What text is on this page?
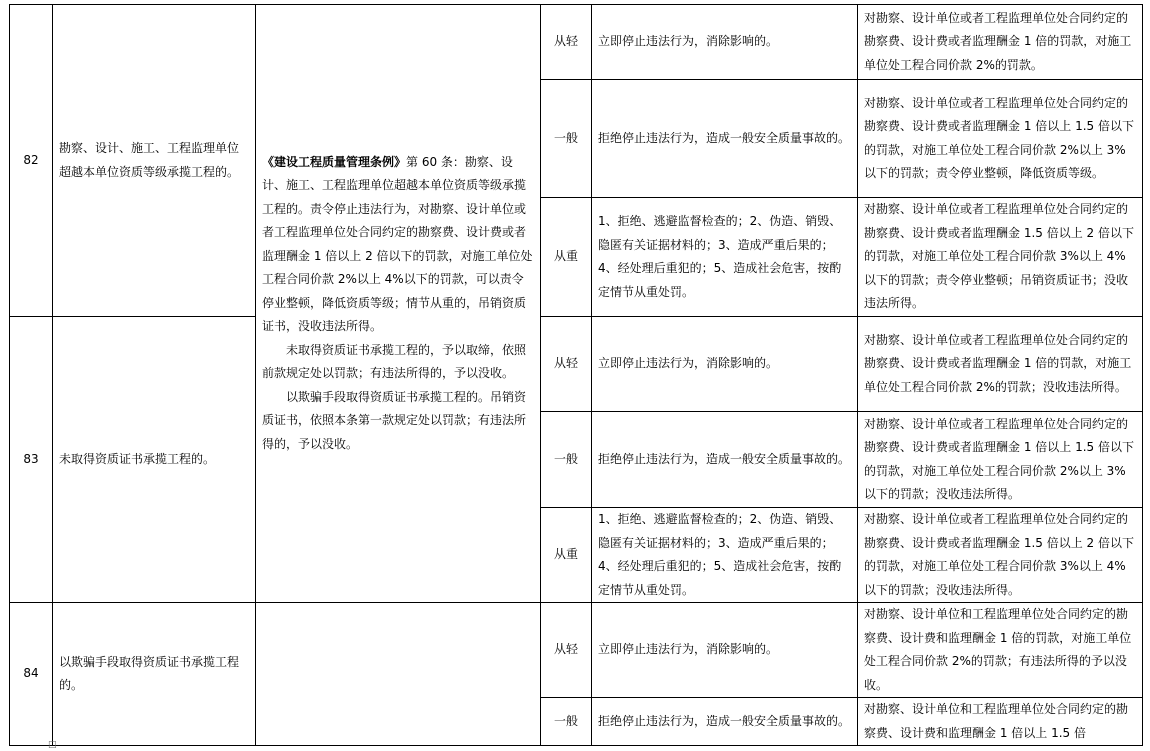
82	勘察、设计、施工、工程监理单位超越本单位资质等级承揽工程的。	《建设工程质量管理条例》第 60 条：勘察、设计、施工、工程监理单位超越本单位资质等级承揽工程的。责令停止违法行为，对勘察、设计单位或者工程监理单位处合同约定的勘察费、设计费或者监理酬金 1 倍以上 2 倍以下的罚款，对施工单位处工程合同价款 2%以上 4%以下的罚款，可以责令停业整顿，降低资质等级；情节从重的，吊销资质证书，没收违法所得。
未取得资质证书承揽工程的，予以取缔，依照前款规定处以罚款；有违法所得的，予以没收。
以欺骗手段取得资质证书承揽工程的。吊销资质证书，依照本条第一款规定处以罚款；有违法所得的，予以没收。	从轻	立即停止违法行为，消除影响的。	对勘察、设计单位或者工程监理单位处合同约定的勘察费、设计费或者监理酬金 1 倍的罚款，对施工单位处工程合同价款 2%的罚款。
			一般	拒绝停止违法行为，造成一般安全质量事故的。	对勘察、设计单位或者工程监理单位处合同约定的勘察费、设计费或者监理酬金 1 倍以上 1.5 倍以下的罚款，对施工单位处工程合同价款 2%以上 3%以下的罚款；责令停业整顿，降低资质等级。
			从重	1、拒绝、逃避监督检查的；2、伪造、销毁、隐匿有关证据材料的；3、造成严重后果的；4、经处理后重犯的；5、造成社会危害，按酌定情节从重处罚。	对勘察、设计单位或者工程监理单位处合同约定的勘察费、设计费或者监理酬金 1.5 倍以上 2 倍以下的罚款，对施工单位处工程合同价款 3%以上 4%以下的罚款；责令停业整顿；吊销资质证书；没收违法所得。
83	未取得资质证书承揽工程的。		从轻	立即停止违法行为，消除影响的。	对勘察、设计单位或者工程监理单位处合同约定的勘察费、设计费或者监理酬金 1 倍的罚款，对施工单位处工程合同价款 2%的罚款；没收违法所得。
			一般	拒绝停止违法行为，造成一般安全质量事故的。	对勘察、设计单位或者工程监理单位处合同约定的勘察费、设计费或者监理酬金 1 倍以上 1.5 倍以下的罚款，对施工单位处工程合同价款 2%以上 3%以下的罚款；没收违法所得。
			从重	1、拒绝、逃避监督检查的；2、伪造、销毁、隐匿有关证据材料的；3、造成严重后果的；4、经处理后重犯的；5、造成社会危害，按酌定情节从重处罚。	对勘察、设计单位或者工程监理单位处合同约定的勘察费、设计费或者监理酬金 1.5 倍以上 2 倍以下的罚款，对施工单位处工程合同价款 3%以上 4%以下的罚款；没收违法所得。
84	以欺骗手段取得资质证书承揽工程的。		从轻	立即停止违法行为，消除影响的。	对勘察、设计单位和工程监理单位处合同约定的勘察费、设计费和监理酬金 1 倍的罚款，对施工单位处工程合同价款 2%的罚款；有违法所得的予以没收。
			一般	拒绝停止违法行为，造成一般安全质量事故的。	对勘察、设计单位和工程监理单位处合同约定的勘察费、设计费和监理酬金 1 倍以上 1.5 倍
□
